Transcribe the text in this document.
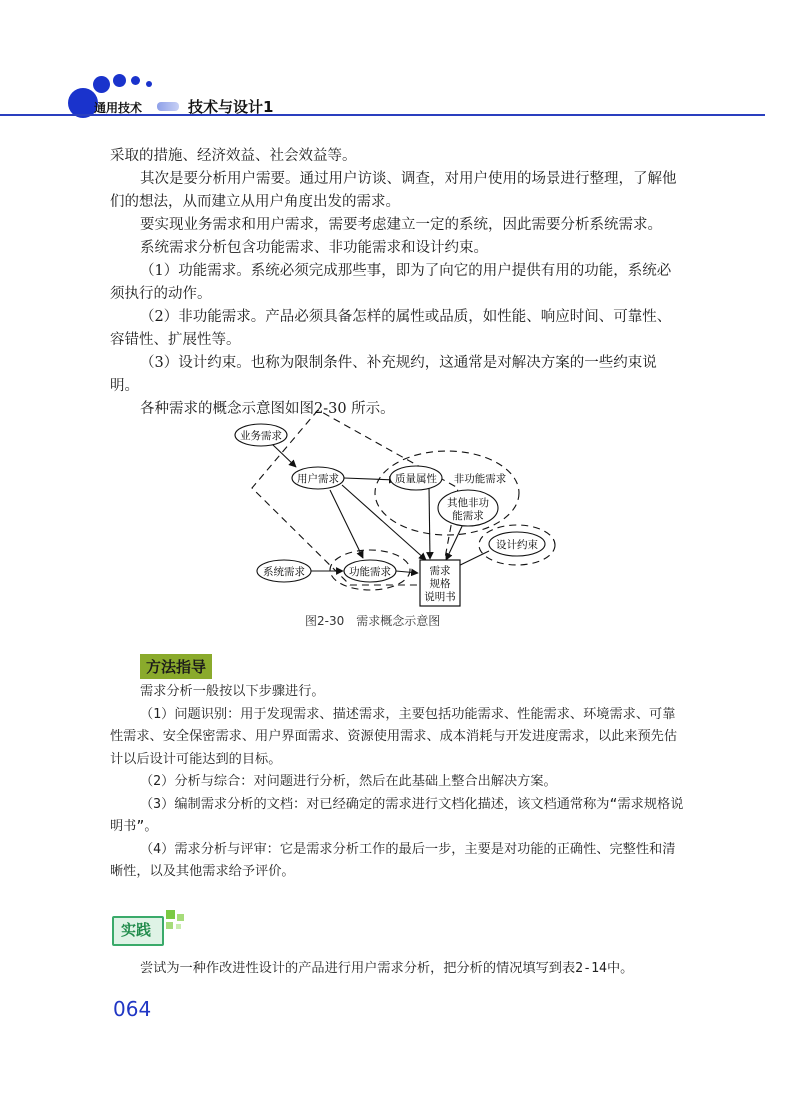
通用技术	技术与设计1

采取的措施、经济效益、社会效益等。

其次是要分析用户需要。通过用户访谈、调查，对用户使用的场景进行整理，了解他们的想法，从而建立从用户角度出发的需求。

要实现业务需求和用户需求，需要考虑建立一定的系统，因此需要分析系统需求。

系统需求分析包含功能需求、非功能需求和设计约束。

（1）功能需求。系统必须完成那些事，即为了向它的用户提供有用的功能，系统必须执行的动作。

（2）非功能需求。产品必须具备怎样的属性或品质，如性能、响应时间、可靠性、容错性、扩展性等。

（3）设计约束。也称为限制条件、补充规约，这通常是对解决方案的一些约束说明。

各种需求的概念示意图如图2-30 所示。

业务需求
用户需求	质量属性 非功能需求
其他非功
能需求
设计约束
系统需求	功能需求	需求
规格
说明书
图2-30　需求概念示意图
方法指导

需求分析一般按以下步骤进行。

（1）问题识别：用于发现需求、描述需求，主要包括功能需求、性能需求、环境需求、可靠性需求、安全保密需求、用户界面需求、资源使用需求、成本消耗与开发进度需求，以此来预先估计以后设计可能达到的目标。

（2）分析与综合：对问题进行分析，然后在此基础上整合出解决方案。

（3）编制需求分析的文档：对已经确定的需求进行文档化描述，该文档通常称为“需求规格说明书”。

（4）需求分析与评审：它是需求分析工作的最后一步，主要是对功能的正确性、完整性和清晰性，以及其他需求给予评价。

实践
尝试为一种作改进性设计的产品进行用户需求分析，把分析的情况填写到表2-14中。
064
